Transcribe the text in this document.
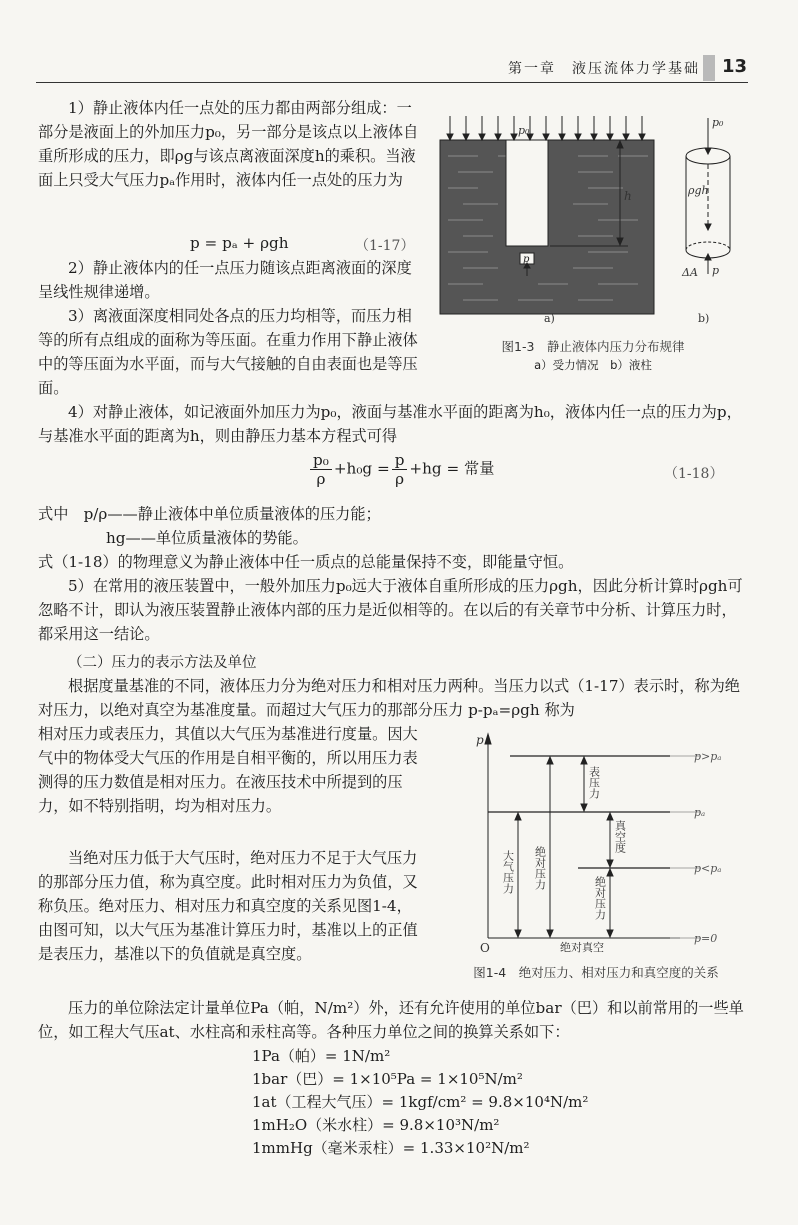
第一章　液压流体力学基础 13

1）静止液体内任一点处的压力都由两部分组成：一部分是液面上的外加压力p₀，另一部分是该点以上液体自重所形成的压力，即ρg与该点离液面深度h的乘积。当液面上只受大气压力pₐ作用时，液体内任一点处的压力为

p = pₐ + ρgh	（1-17）

2）静止液体内的任一点压力随该点距离液面的深度呈线性规律递增。

3）离液面深度相同处各点的压力均相等，而压力相等的所有点组成的面称为等压面。在重力作用下静止液体中的等压面为水平面，而与大气接触的自由表面也是等压面。

h
p₀
p
a)
p₀
ρgh
ΔA p
b)
图1-3　静止液体内压力分布规律
a）受力情况　b）液柱

4）对静止液体，如记液面外加压力为p₀，液面与基准水平面的距离为h₀，液体内任一点的压力为p，与基准水平面的距离为h，则由静压力基本方程式可得

$\frac{\text{p₀}}{\rho} +h_0g = \frac{p}{\rho} +hg$ = 常量	（1-18）

式中　p/ρ——静止液体中单位质量液体的压力能；

hg——单位质量液体的势能。

式（1-18）的物理意义为静止液体中任一质点的总能量保持不变，即能量守恒。

5）在常用的液压装置中，一般外加压力p₀远大于液体自重所形成的压力ρgh，因此分析计算时ρgh可忽略不计，即认为液压装置静止液体内部的压力是近似相等的。在以后的有关章节中分析、计算压力时，都采用这一结论。

（二）压力的表示方法及单位

根据度量基准的不同，液体压力分为绝对压力和相对压力两种。当压力以式（1-17）表示时，称为绝对压力，以绝对真空为基准度量。而超过大气压力的那部分压力 p-pₐ=ρgh 称为

相对压力或表压力，其值以大气压为基准进行度量。因大气中的物体受大气压的作用是自相平衡的，所以用压力表测得的压力数值是相对压力。在液压技术中所提到的压力，如不特别指明，均为相对压力。

当绝对压力低于大气压时，绝对压力不足于大气压力的那部分压力值，称为真空度。此时相对压力为负值，又称负压。绝对压力、相对压力和真空度的关系见图1-4，由图可知，以大气压为基准计算压力时，基准以上的正值是表压力，基准以下的负值就是真空度。

p
O
p>pₐ
pₐ
p<pₐ
p=0
表压力
绝对压力
大气压力
真空度
绝对压力
绝对真空
图1-4　绝对压力、相对压力和真空度的关系

压力的单位除法定计量单位Pa（帕，N/m²）外，还有允许使用的单位bar（巴）和以前常用的一些单位，如工程大气压at、水柱高和汞柱高等。各种压力单位之间的换算关系如下：

1Pa（帕）= 1N/m²
1bar（巴）= 1×10⁵Pa = 1×10⁵N/m²
1at（工程大气压）= 1kgf/cm² = 9.8×10⁴N/m²
1mH₂O（米水柱）= 9.8×10³N/m²
1mmHg（毫米汞柱）= 1.33×10²N/m²
